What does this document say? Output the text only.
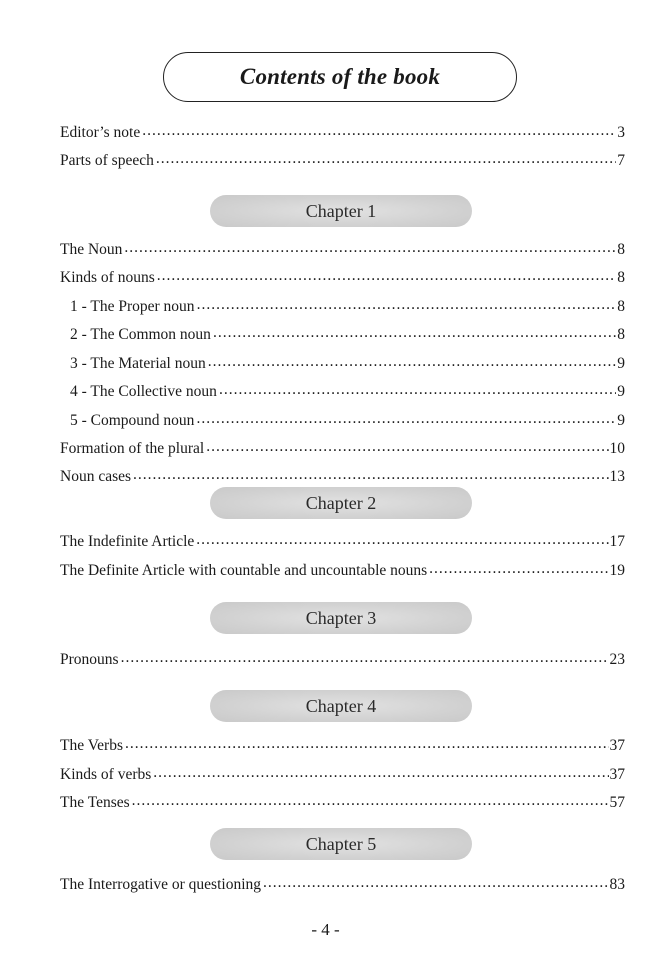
Contents of the book
Editor’s note .....	3
Parts of speech .....	7
Chapter 1
The Noun .....	8
Kinds of nouns .....	8
1 - The Proper noun .....	8
2 - The Common noun .....	8
3 - The Material noun .....	9
4 - The Collective noun .....	9
5 - Compound noun .....	9
Formation of the plural .....	10
Noun cases .....	13
Chapter 2
The Indefinite Article .....	17
The Definite Article with countable and uncountable nouns .....	19
Chapter 3
Pronouns .....	23
Chapter 4
The Verbs .....	37
Kinds of verbs .....	37
The Tenses .....	57
Chapter 5
The Interrogative or questioning .....	83
- 4 -
